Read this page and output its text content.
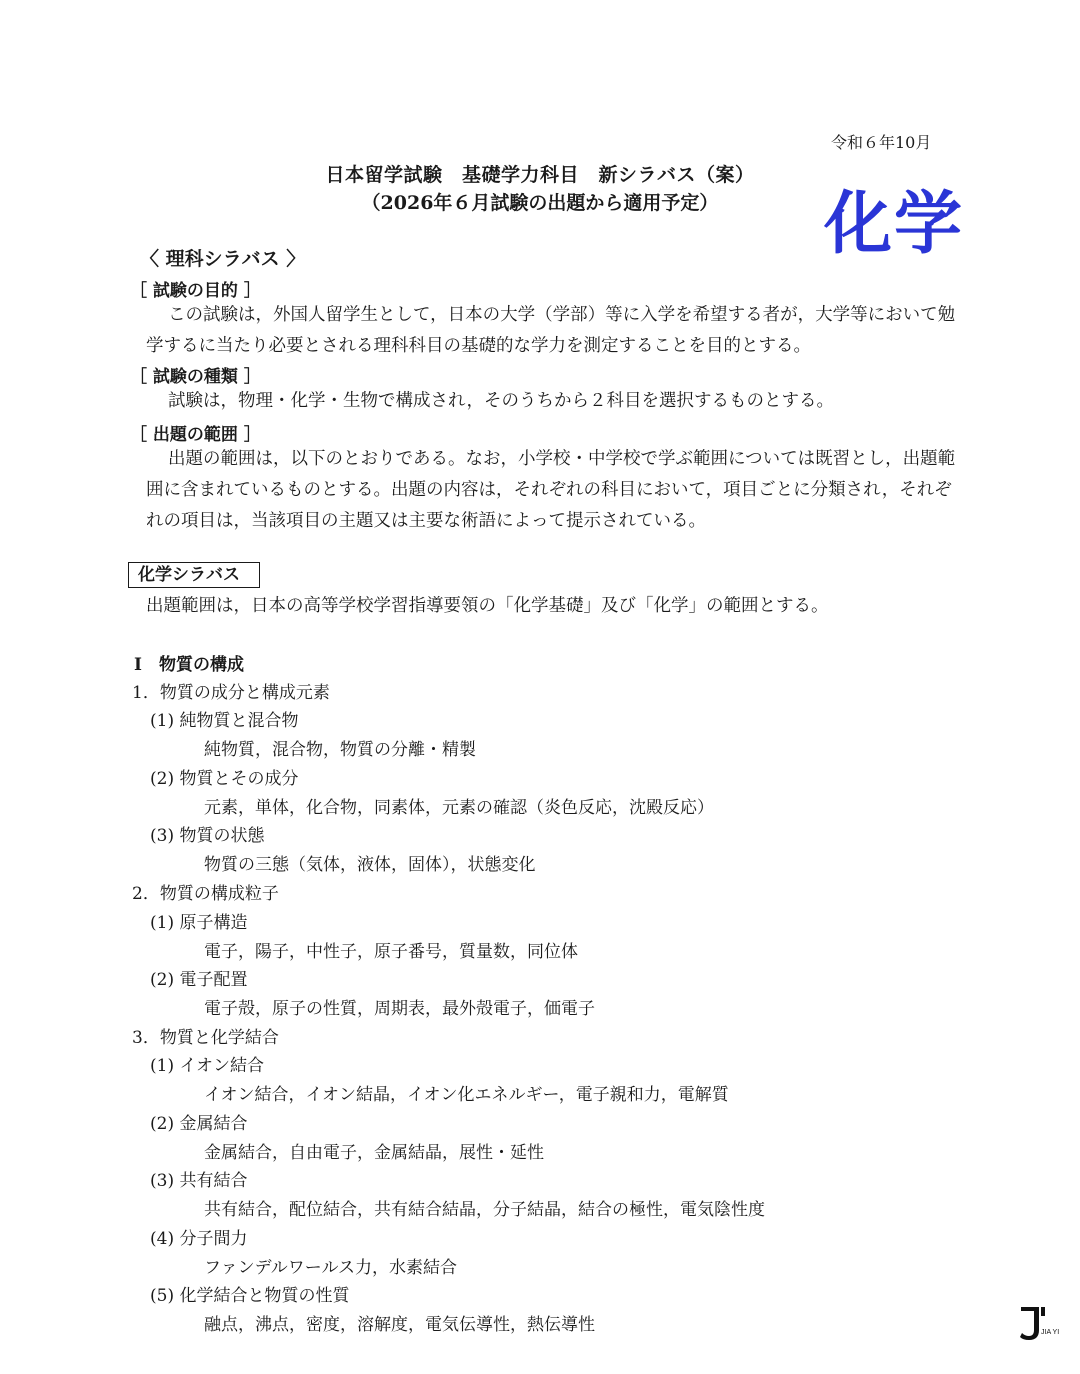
令和６年10月
日本留学試験　基礎学力科目　新シラバス（案）
（2026年６月試験の出題から適用予定）	化学
〈 理科シラバス 〉
［ 試験の目的 ］
この試験は，外国人留学生として，日本の大学（学部）等に入学を希望する者が，大学等において勉学するに当たり必要とされる理科科目の基礎的な学力を測定することを目的とする。
［ 試験の種類 ］
試験は，物理・化学・生物で構成され，そのうちから２科目を選択するものとする。
［ 出題の範囲 ］
出題の範囲は，以下のとおりである。なお，小学校・中学校で学ぶ範囲については既習とし，出題範囲に含まれているものとする。出題の内容は，それぞれの科目において，項目ごとに分類され，それぞれの項目は，当該項目の主題又は主要な術語によって提示されている。
化学シラバス
出題範囲は，日本の高等学校学習指導要領の「化学基礎」及び「化学」の範囲とする。
Ⅰ　物質の構成
1．物質の成分と構成元素
(1) 純物質と混合物
純物質，混合物，物質の分離・精製
(2) 物質とその成分
元素，単体，化合物，同素体，元素の確認（炎色反応，沈殿反応）
(3) 物質の状態
物質の三態（気体，液体，固体），状態変化
2．物質の構成粒子
(1) 原子構造
電子，陽子，中性子，原子番号，質量数，同位体
(2) 電子配置
電子殻，原子の性質，周期表，最外殻電子，価電子
3．物質と化学結合
(1) イオン結合
イオン結合，イオン結晶，イオン化エネルギー，電子親和力，電解質
(2) 金属結合
金属結合，自由電子，金属結晶，展性・延性
(3) 共有結合
共有結合，配位結合，共有結合結晶，分子結晶，結合の極性，電気陰性度
(4) 分子間力
ファンデルワールス力，水素結合
(5) 化学結合と物質の性質
融点，沸点，密度，溶解度，電気伝導性，熱伝導性	JIA YI
